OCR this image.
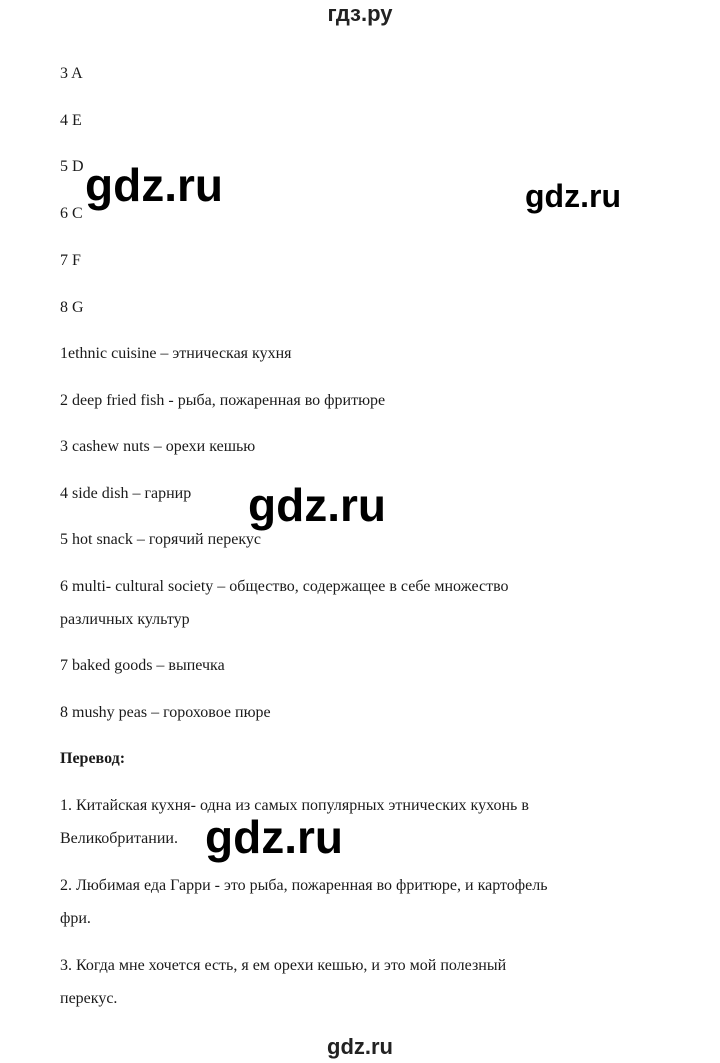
гдз.ру
3 A
4 E
5 D
6 C
7 F
8 G
1ethnic cuisine – этническая кухня
2 deep fried fish - рыба, пожаренная во фритюре
3 cashew nuts – орехи кешью
4 side dish – гарнир
5 hot snack – горячий перекус
6 multi- cultural society – общество, содержащее в себе множество
различных культур
7 baked goods – выпечка
8 mushy peas – гороховое пюре
Перевод:
1. Китайская кухня- одна из самых популярных этнических кухонь в
Великобритании.
2. Любимая еда Гарри - это рыба, пожаренная во фритюре, и картофель
фри.
3. Когда мне хочется есть, я ем орехи кешью, и это мой полезный
перекус.
gdz.ru	gdz.ru
gdz.ru
gdz.ru
gdz.ru
